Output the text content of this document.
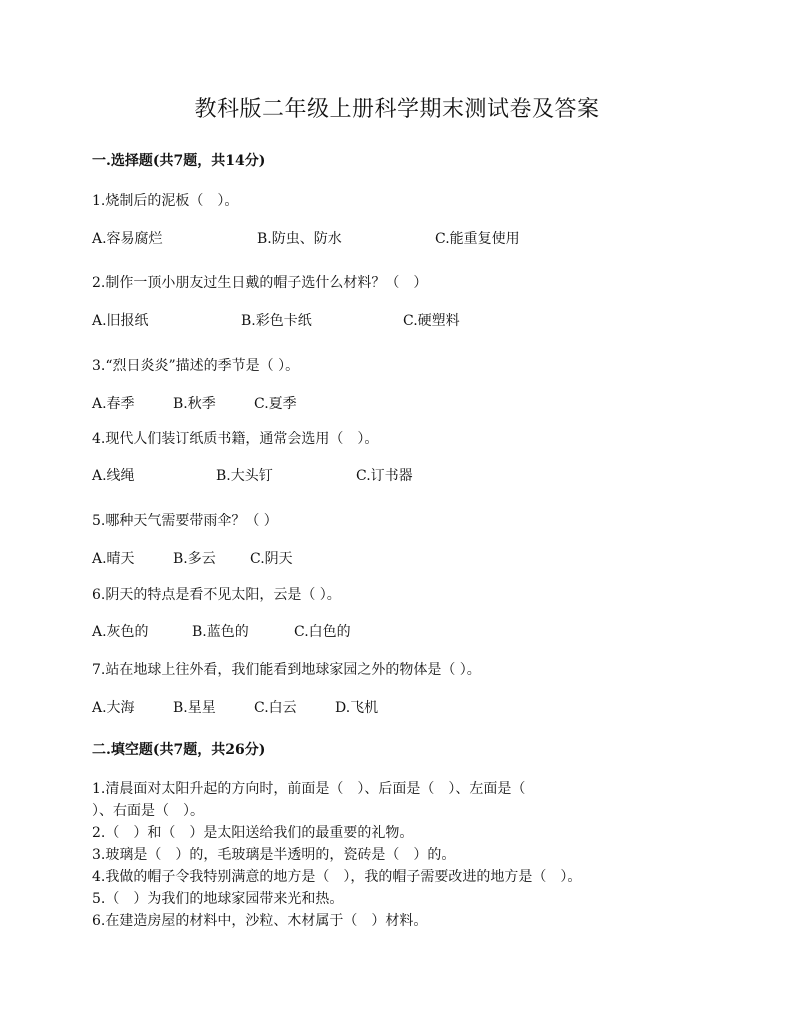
教科版二年级上册科学期末测试卷及答案
一.选择题(共7题，共14分)
1.烧制后的泥板（　）。
A.容易腐烂	B.防虫、防水	C.能重复使用
2.制作一顶小朋友过生日戴的帽子选什么材料？（　）
A.旧报纸	B.彩色卡纸	C.硬塑料
3.“烈日炎炎”描述的季节是（ ）。
A.春季	B.秋季	C.夏季
4.现代人们装订纸质书籍，通常会选用（　）。
A.线绳	B.大头钉	C.订书器
5.哪种天气需要带雨伞？（ ）
A.晴天	B.多云 C.阴天
6.阴天的特点是看不见太阳，云是（ ）。
A.灰色的	B.蓝色的	C.白色的
7.站在地球上往外看，我们能看到地球家园之外的物体是（ ）。
A.大海	B.星星	C.白云	D.飞机
二.填空题(共7题，共26分)
1.清晨面对太阳升起的方向时，前面是（　）、后面是（　）、左面是（
）、右面是（　）。
2.（　）和（　）是太阳送给我们的最重要的礼物。
3.玻璃是（　）的，毛玻璃是半透明的，瓷砖是（　）的。
4.我做的帽子令我特别满意的地方是（　），我的帽子需要改进的地方是（　）。
5.（　）为我们的地球家园带来光和热。
6.在建造房屋的材料中，沙粒、木材属于（　）材料。
